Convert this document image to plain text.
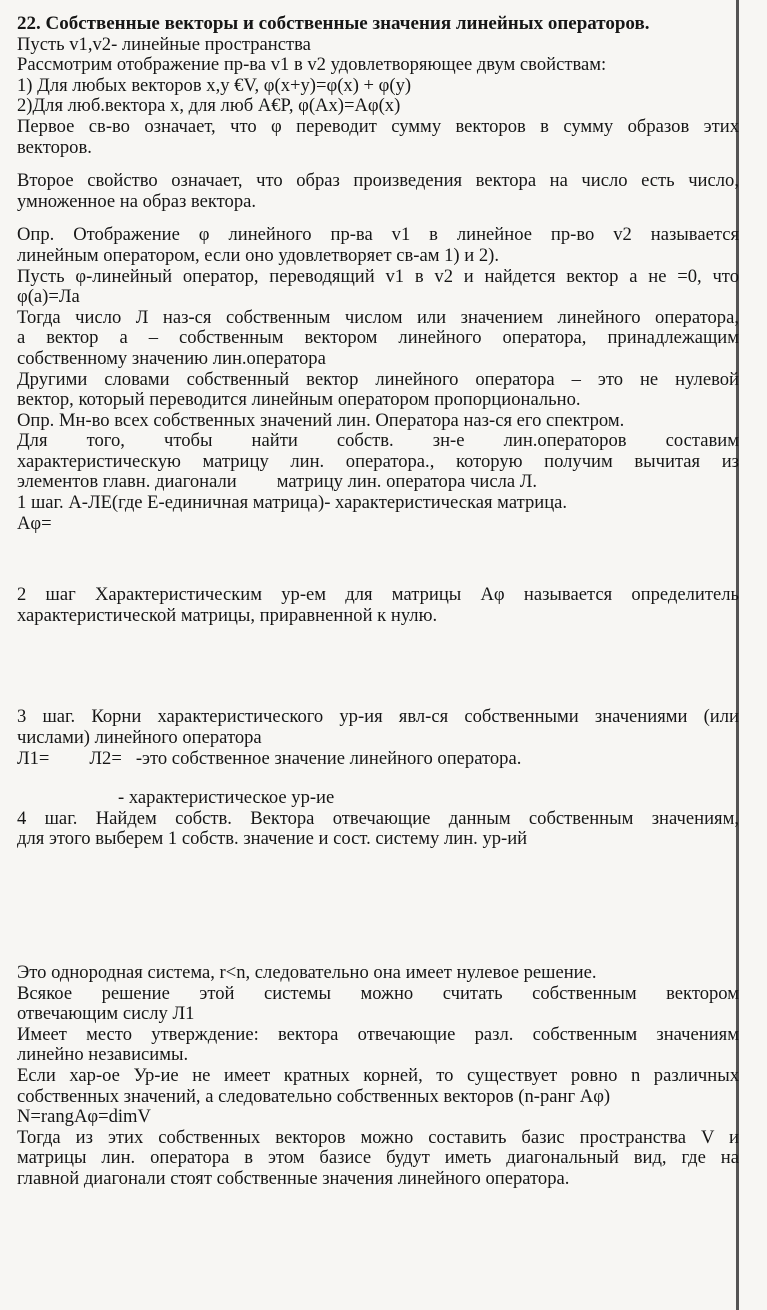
22. Собственные векторы и собственные значения линейных операторов.

Пусть v1,v2- линейные пространства

Рассмотрим отображение пр-ва v1 в v2 удовлетворяющее двум свойствам:

1) Для любых векторов x,y €V, φ(x+y)=φ(x) + φ(y)

2)Для люб.вектора x, для люб A€P, φ(Ax)=Aφ(x)

Первое св-во означает, что φ переводит сумму векторов в сумму образов этих

векторов.

Второе свойство означает, что образ произведения вектора на число есть число,

умноженное на образ вектора.

Опр. Отображение φ линейного пр-ва v1 в линейное пр-во v2 называется

линейным оператором, если оно удовлетворяет св-ам 1) и 2).

Пусть φ-линейный оператор, переводящий v1 в v2 и найдется вектор a не =0, что

φ(a)=Лa

Тогда число Л наз-ся собственным числом или значением линейного оператора,

а вектор а – собственным вектором линейного оператора, принадлежащим

собственному значению лин.оператора

Другими словами собственный вектор линейного оператора – это не нулевой

вектор, который переводится линейным оператором пропорционально.

Опр. Мн-во всех собственных значений лин. Оператора наз-ся его спектром.

Для того, чтобы найти собств. зн-е лин.операторов составим

характеристическую матрицу лин. оператора., которую получим вычитая из

элементов главн. диагонали матрицу лин. оператора числа Л.

1 шаг. A-ЛE(где E-единичная матрица)- характеристическая матрица.

Aφ=

2 шаг Характеристическим ур-ем для матрицы Aφ называется определитель

характеристической матрицы, приравненной к нулю.

3 шаг. Корни характеристического ур-ия явл-ся собственными значениями (или

числами) линейного оператора

Л1= Л2= -это собственное значение линейного оператора.

- характеристическое ур-ие

4 шаг. Найдем собств. Вектора отвечающие данным собственным значениям,

для этого выберем 1 собств. значение и сост. систему лин. ур-ий

Это однородная система, r<n, следовательно она имеет нулевое решение.

Всякое решение этой системы можно считать собственным вектором

отвечающим сислу Л1

Имеет место утверждение: вектора отвечающие разл. собственным значениям

линейно независимы.

Если хар-ое Ур-ие не имеет кратных корней, то существует ровно n различных

собственных значений, а следовательно собственных векторов (n-ранг Aφ)

N=rangAφ=dimV

Тогда из этих собственных векторов можно составить базис пространства V и

матрицы лин. оператора в этом базисе будут иметь диагональный вид, где на

главной диагонали стоят собственные значения линейного оператора.
